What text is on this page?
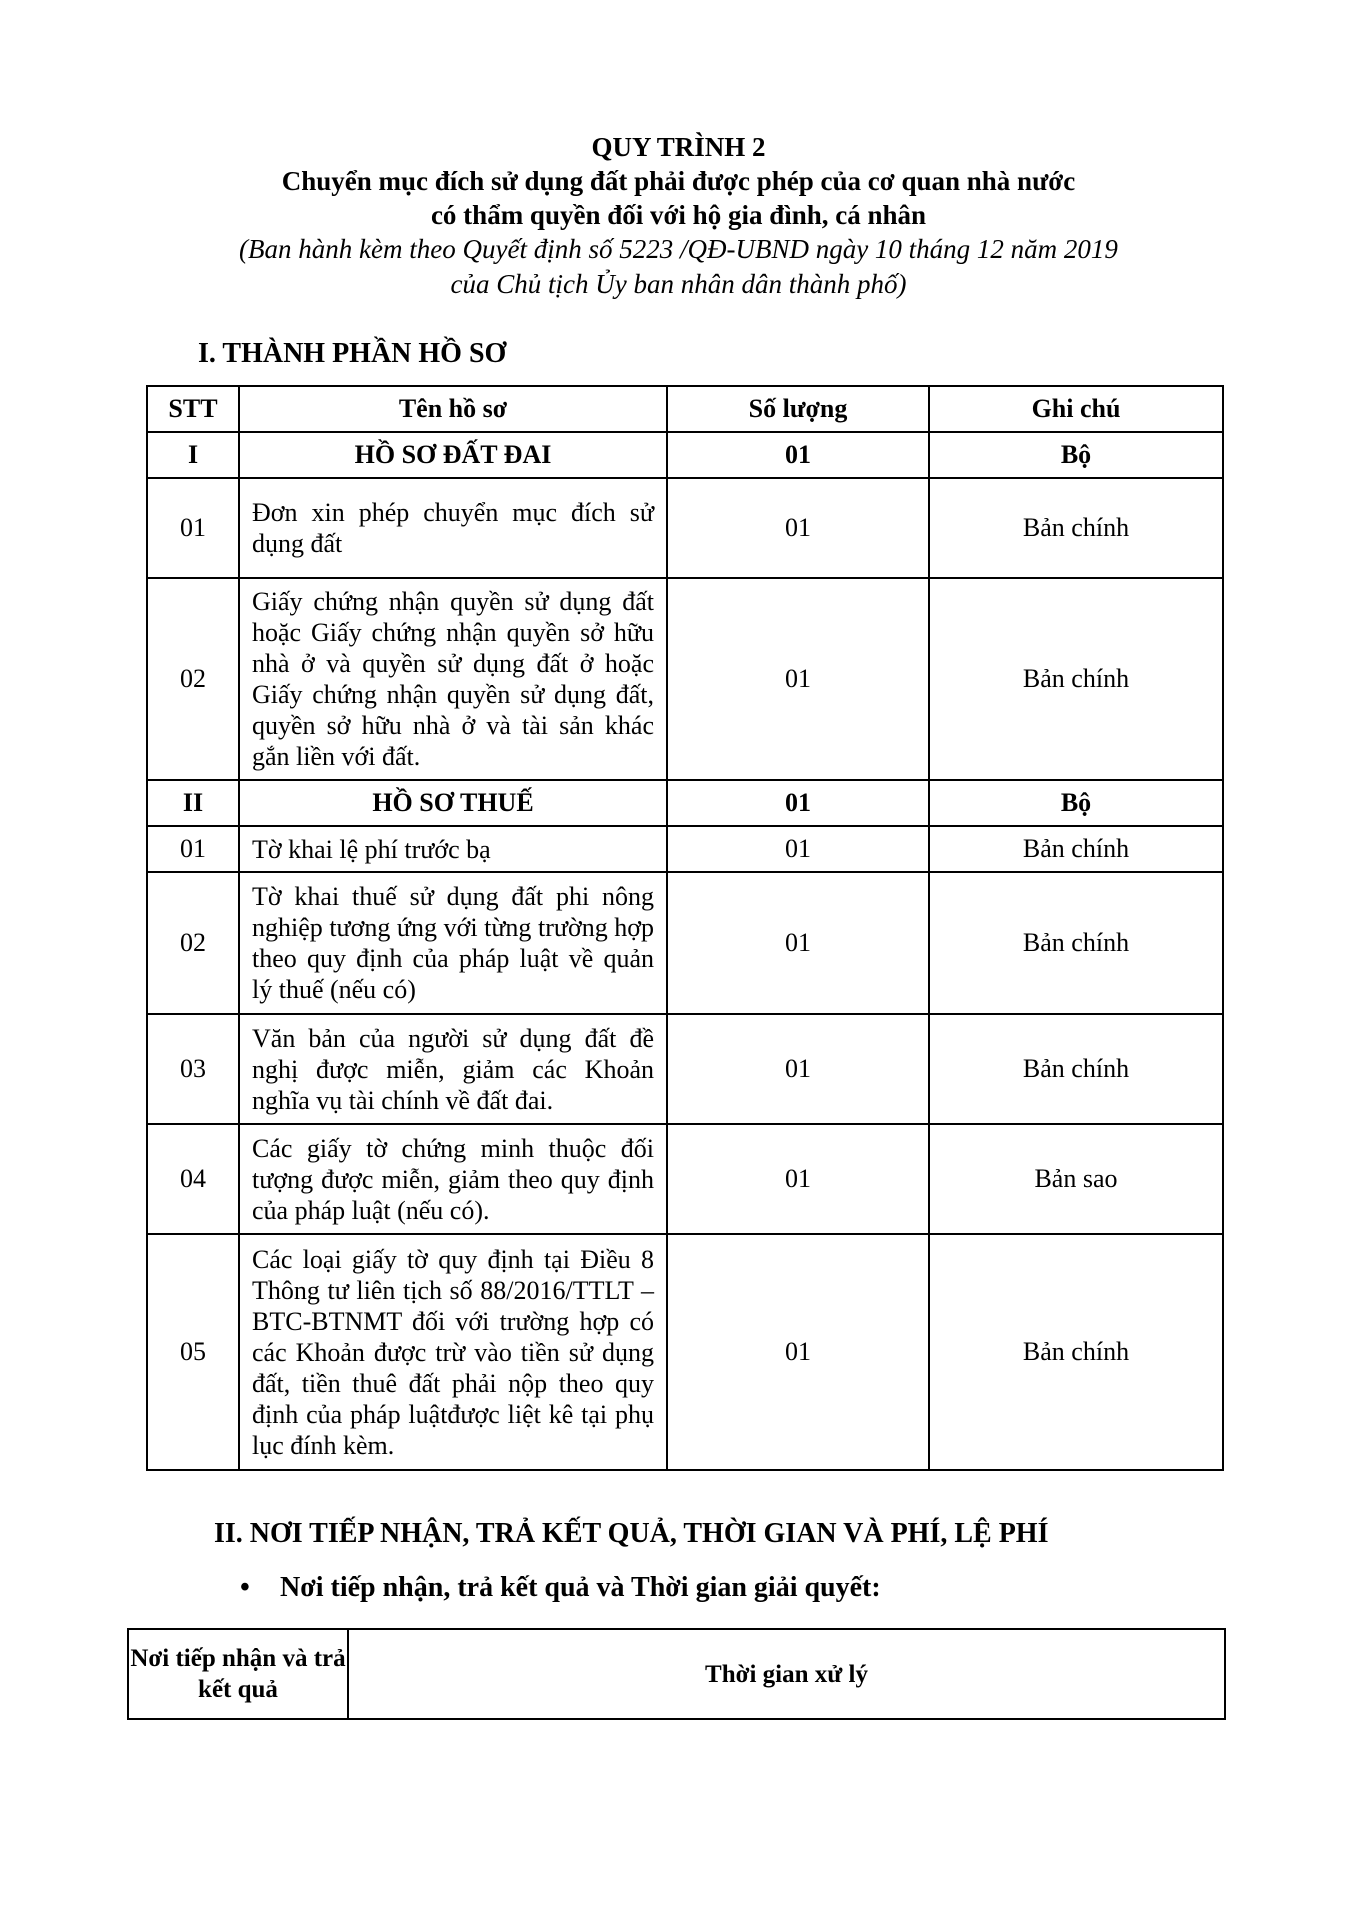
QUY TRÌNH 2
Chuyển mục đích sử dụng đất phải được phép của cơ quan nhà nước
có thẩm quyền đối với hộ gia đình, cá nhân
(Ban hành kèm theo Quyết định số 5223 /QĐ-UBND ngày 10 tháng 12 năm 2019
của Chủ tịch Ủy ban nhân dân thành phố)
I. THÀNH PHẦN HỒ SƠ
STT	Tên hồ sơ	Số lượng	Ghi chú
I	HỒ SƠ ĐẤT ĐAI	01	Bộ
01	Đơn xin phép chuyển mục đích sử dụng đất	01	Bản chính
02	Giấy chứng nhận quyền sử dụng đất hoặc Giấy chứng nhận quyền sở hữu nhà ở và quyền sử dụng đất ở hoặc Giấy chứng nhận quyền sử dụng đất, quyền sở hữu nhà ở và tài sản khác gắn liền với đất.	01	Bản chính
II	HỒ SƠ THUẾ	01	Bộ
01	Tờ khai lệ phí trước bạ	01	Bản chính
02	Tờ khai thuế sử dụng đất phi nông nghiệp tương ứng với từng trường hợp theo quy định của pháp luật về quản lý thuế (nếu có)	01	Bản chính
03	Văn bản của người sử dụng đất đề nghị được miễn, giảm các Khoản nghĩa vụ tài chính về đất đai.	01	Bản chính
04	Các giấy tờ chứng minh thuộc đối tượng được miễn, giảm theo quy định của pháp luật (nếu có).	01	Bản sao
05	Các loại giấy tờ quy định tại Điều 8 Thông tư liên tịch số 88/2016/TTLT –BTC-BTNMT đối với trường hợp có các Khoản được trừ vào tiền sử dụng đất, tiền thuê đất phải nộp theo quy định của pháp luậtđược liệt kê tại phụ lục đính kèm.	01	Bản chính
II. NƠI TIẾP NHẬN, TRẢ KẾT QUẢ, THỜI GIAN VÀ PHÍ, LỆ PHÍ
• Nơi tiếp nhận, trả kết quả và Thời gian giải quyết:
Nơi tiếp nhận và trả kết quả	Thời gian xử lý
